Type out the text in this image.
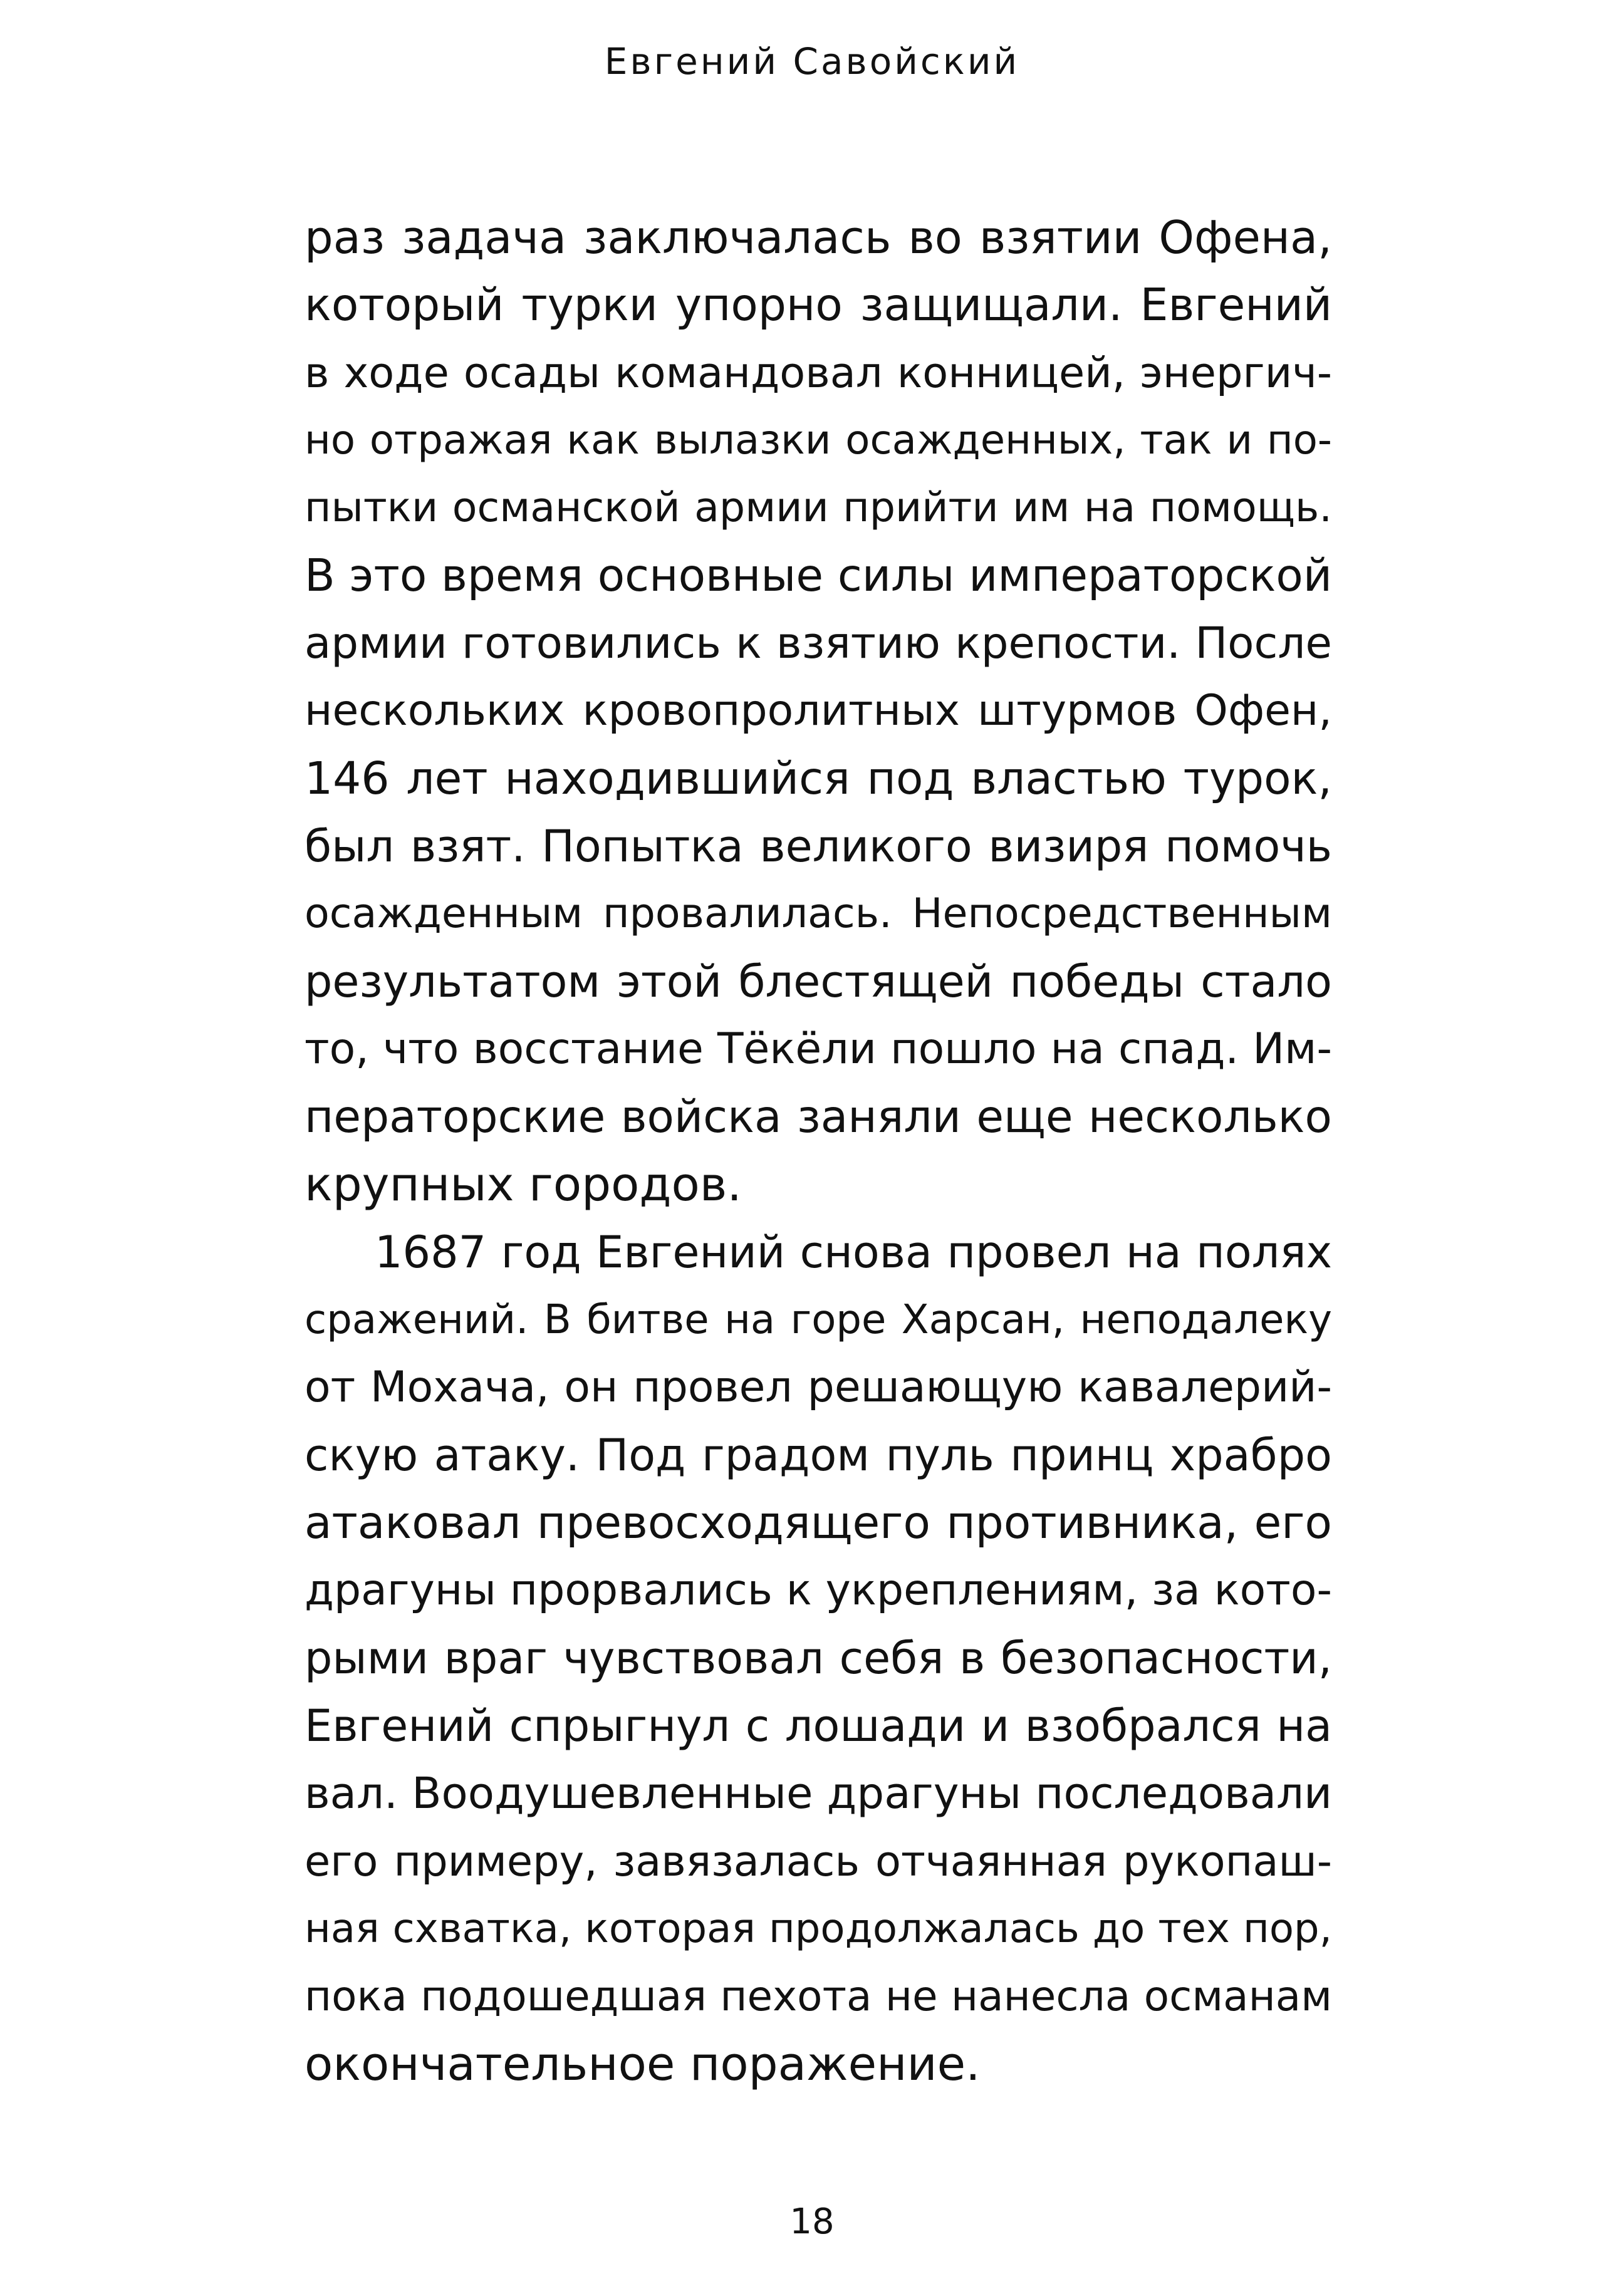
Евгений Савойский
раз задача заключалась во взятии Офена,
который турки упорно защищали. Евгений
в ходе осады командовал конницей, энергич-
но отражая как вылазки осажденных, так и по-
пытки османской армии прийти им на помощь.
В это время основные силы императорской
армии готовились к взятию крепости. После
нескольких кровопролитных штурмов Офен,
146 лет находившийся под властью турок,
был взят. Попытка великого визиря помочь
осажденным провалилась. Непосредственным
результатом этой блестящей победы стало
то, что восстание Тёкёли пошло на спад. Им-
ператорские войска заняли еще несколько
крупных городов.
1687 год Евгений снова провел на полях
сражений. В битве на горе Харсан, неподалеку
от Мохача, он провел решающую кавалерий-
скую атаку. Под градом пуль принц храбро
атаковал превосходящего противника, его
драгуны прорвались к укреплениям, за кото-
рыми враг чувствовал себя в безопасности,
Евгений спрыгнул с лошади и взобрался на
вал. Воодушевленные драгуны последовали
его примеру, завязалась отчаянная рукопаш-
ная схватка, которая продолжалась до тех пор,
пока подошедшая пехота не нанесла османам
окончательное поражение.
18
